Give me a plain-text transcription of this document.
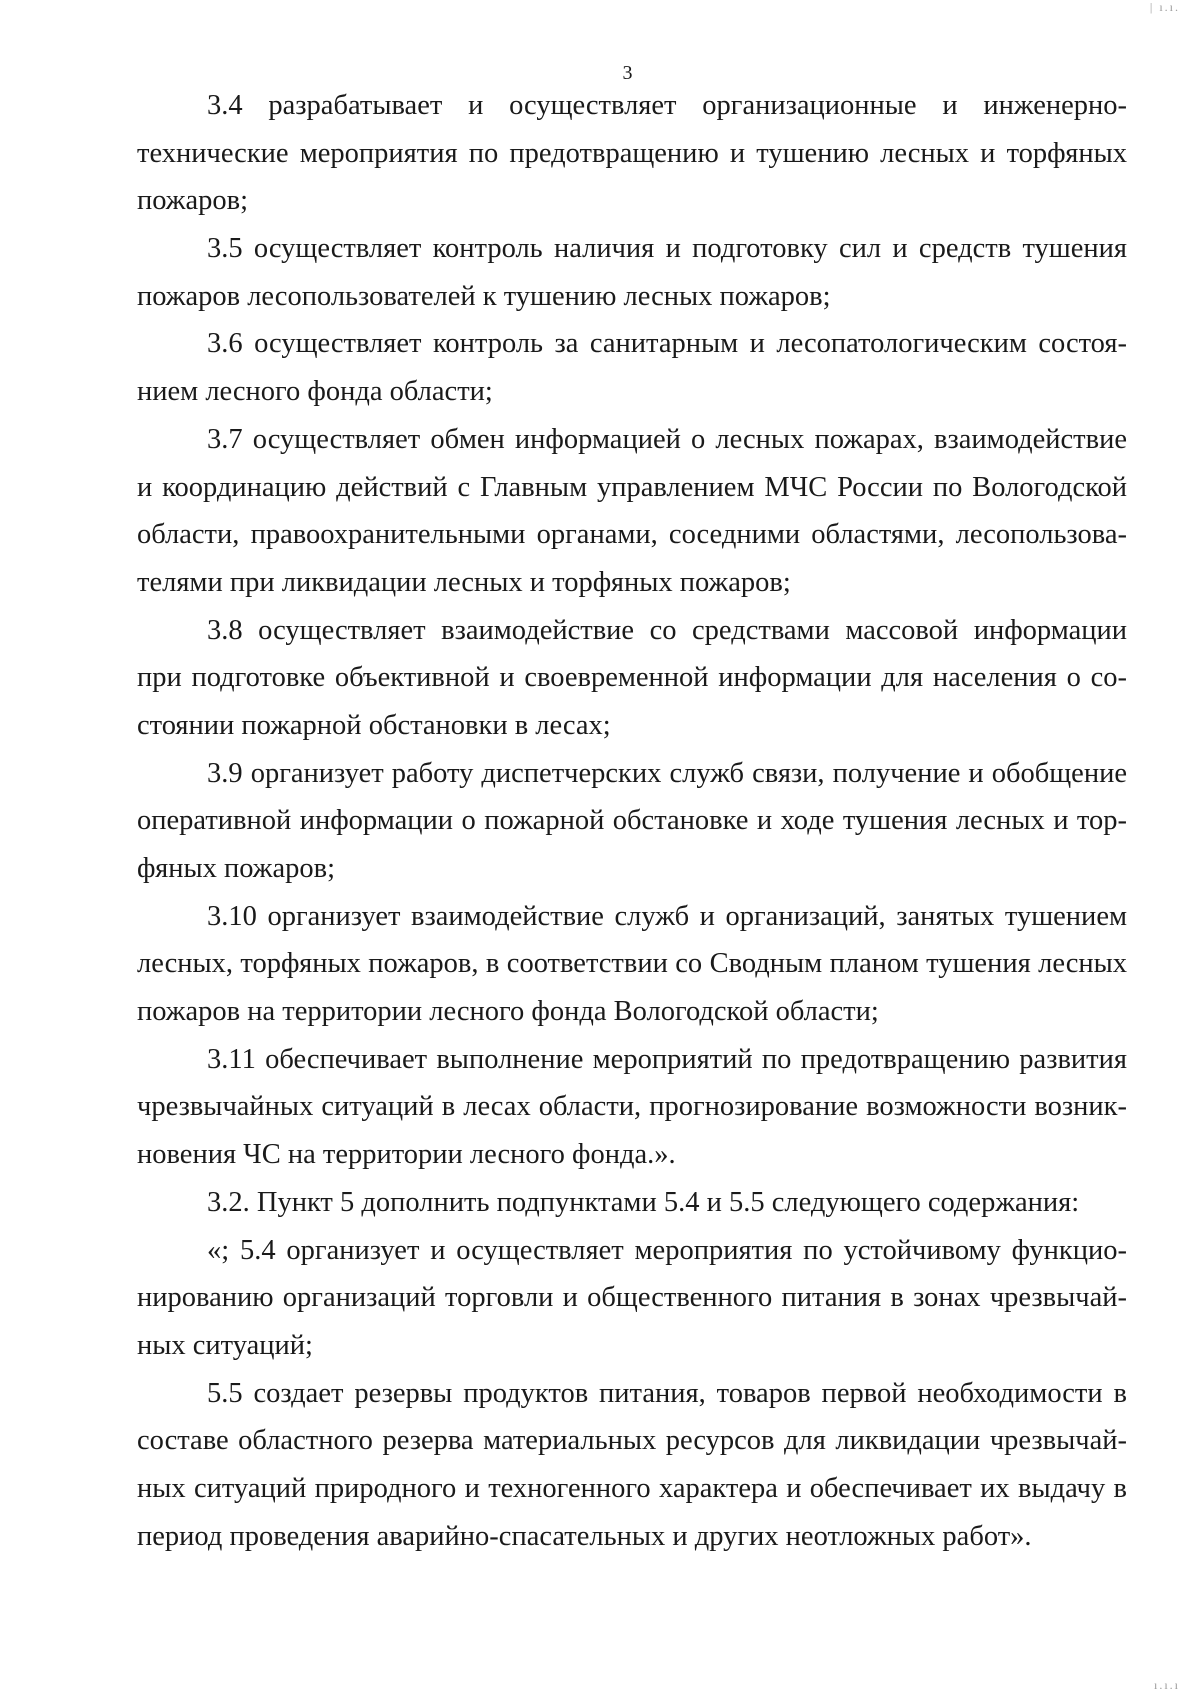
| ı.ı.
3
3.4 разрабатывает и осуществляет организационные и инженерно-
технические мероприятия по предотвращению и тушению лесных и торфяных
пожаров;
3.5 осуществляет контроль наличия и подготовку сил и средств тушения
пожаров лесопользователей к тушению лесных пожаров;
3.6 осуществляет контроль за санитарным и лесопатологическим состоя-
нием лесного фонда области;
3.7 осуществляет обмен информацией о лесных пожарах, взаимодействие
и координацию действий с Главным управлением МЧС России по Вологодской
области, правоохранительными органами, соседними областями, лесопользова-
телями при ликвидации лесных и торфяных пожаров;
3.8 осуществляет взаимодействие со средствами массовой информации
при подготовке объективной и своевременной информации для населения о со-
стоянии пожарной обстановки в лесах;
3.9 организует работу диспетчерских служб связи, получение и обобщение
оперативной информации о пожарной обстановке и ходе тушения лесных и тор-
фяных пожаров;
3.10 организует взаимодействие служб и организаций, занятых тушением
лесных, торфяных пожаров, в соответствии со Сводным планом тушения лесных
пожаров на территории лесного фонда Вологодской области;
3.11 обеспечивает выполнение мероприятий по предотвращению развития
чрезвычайных ситуаций в лесах области, прогнозирование возможности возник-
новения ЧС на территории лесного фонда.».
3.2. Пункт 5 дополнить подпунктами 5.4 и 5.5 следующего содержания:
«; 5.4 организует и осуществляет мероприятия по устойчивому функцио-
нированию организаций торговли и общественного питания в зонах чрезвычай-
ных ситуаций;
5.5 создает резервы продуктов питания, товаров первой необходимости в
составе областного резерва материальных ресурсов для ликвидации чрезвычай-
ных ситуаций природного и техногенного характера и обеспечивает их выдачу в
период проведения аварийно-спасательных и других неотложных работ».
ı.ı.ı
